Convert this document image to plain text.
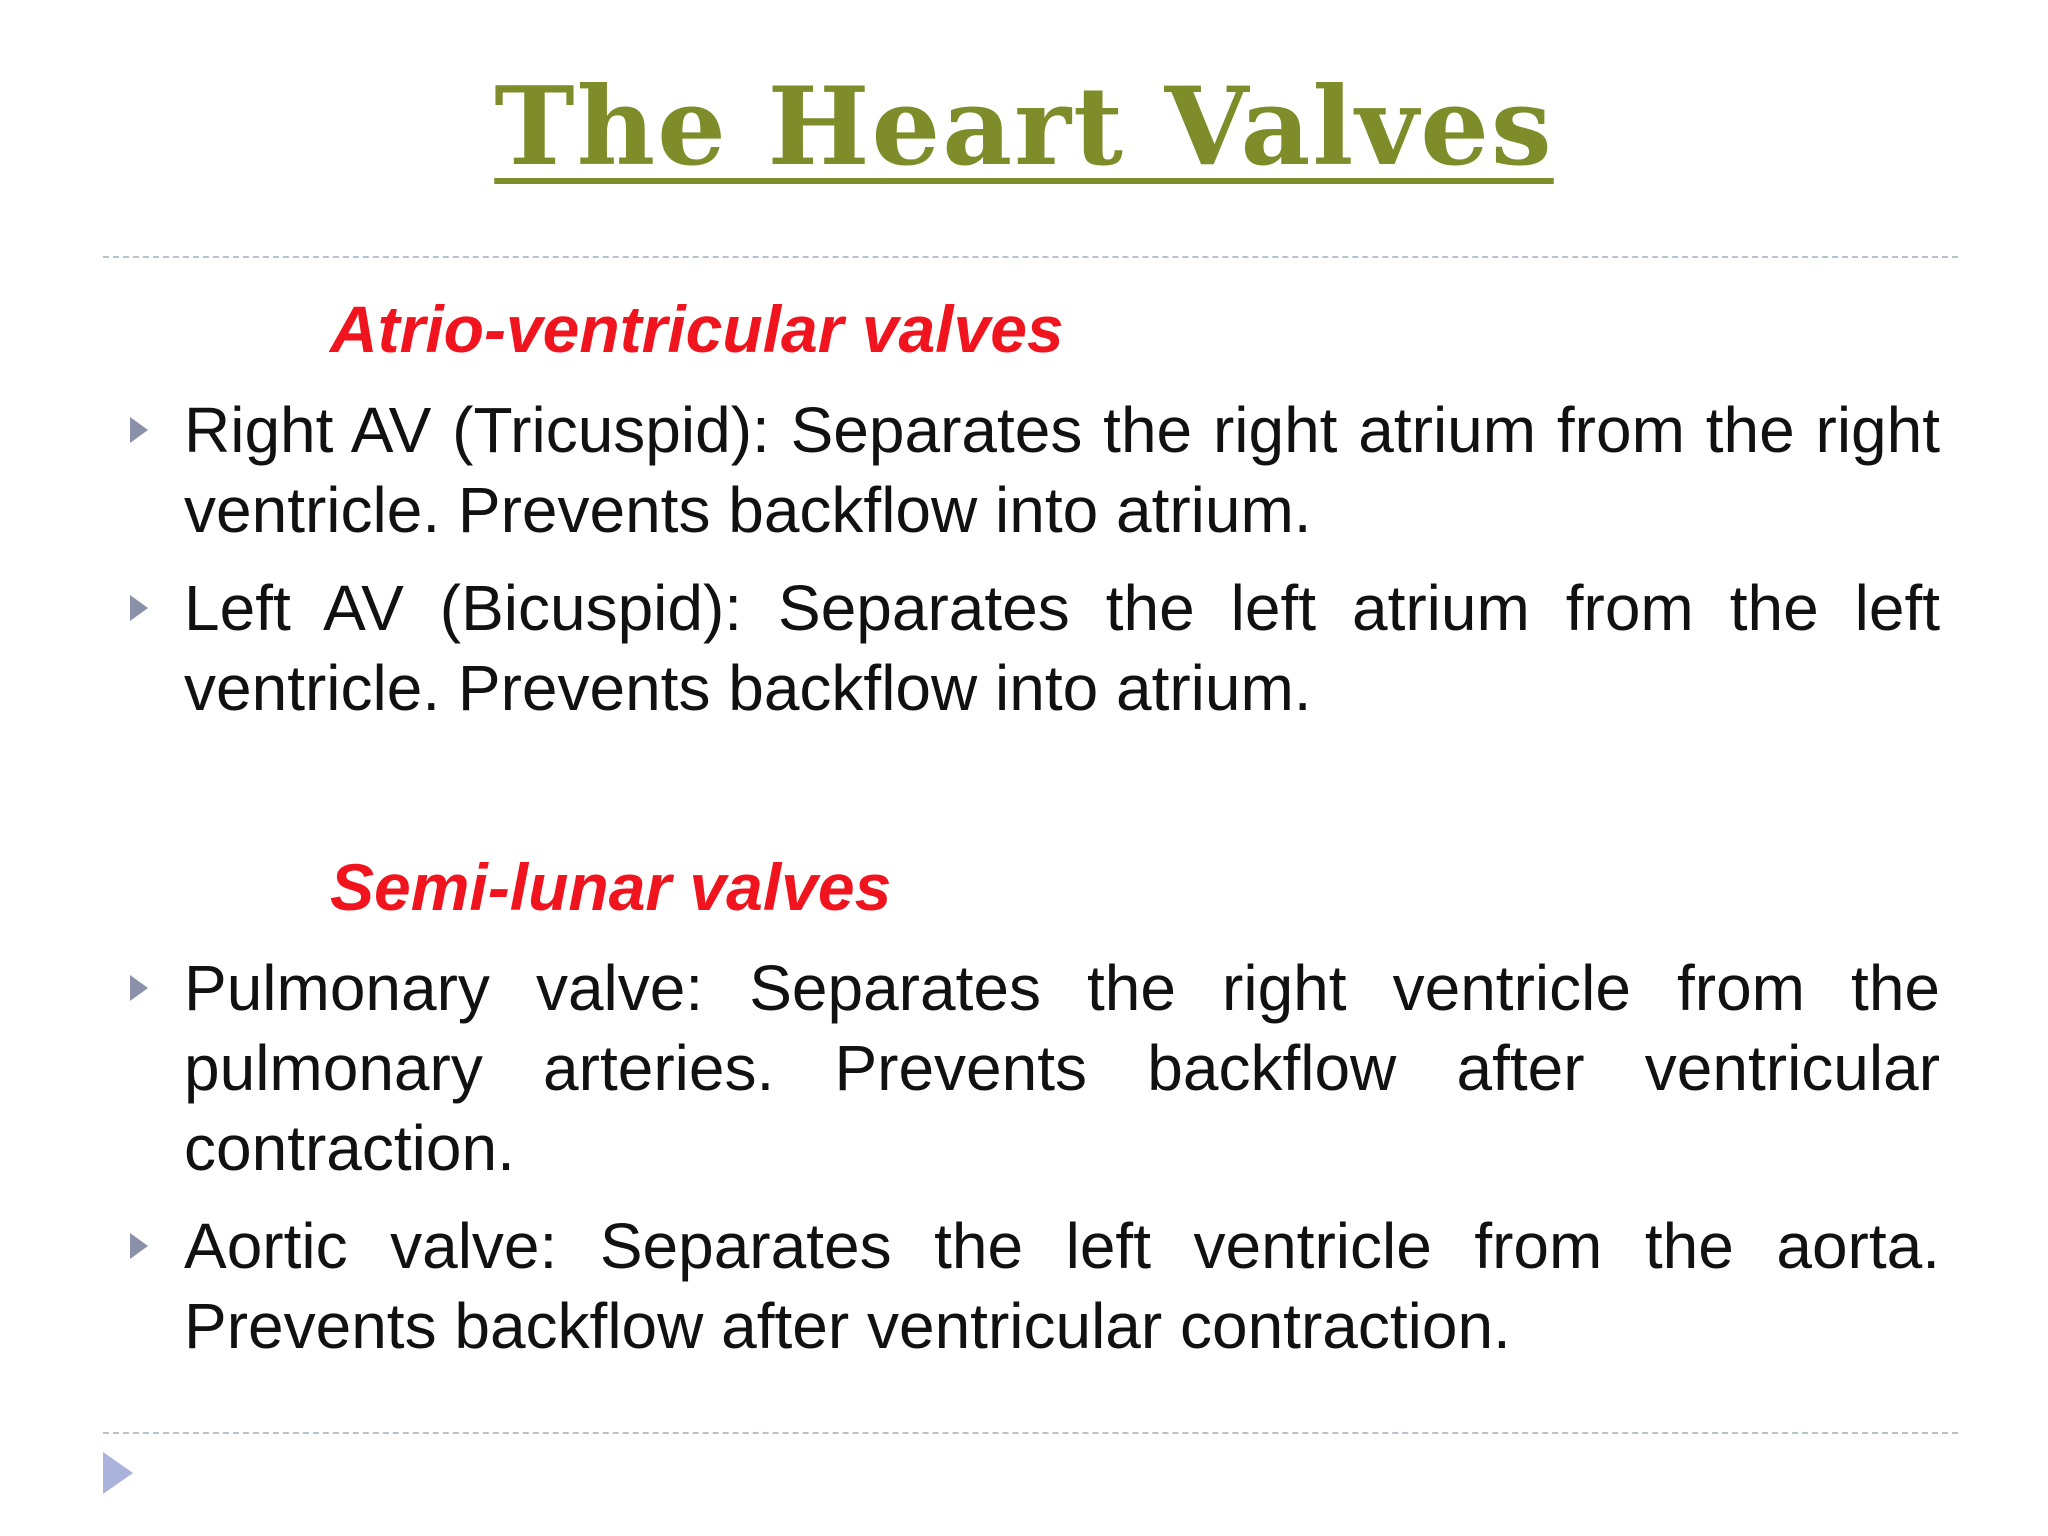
The Heart Valves
Atrio-ventricular valves
Right AV (Tricuspid): Separates the right atrium from the right ventricle. Prevents backflow into atrium.
Left AV (Bicuspid): Separates the left atrium from the left ventricle. Prevents backflow into atrium.
Semi-lunar valves
Pulmonary valve: Separates the right ventricle from the pulmonary arteries. Prevents backflow after ventricular contraction.
Aortic valve: Separates the left ventricle from the aorta. Prevents backflow after ventricular contraction.
